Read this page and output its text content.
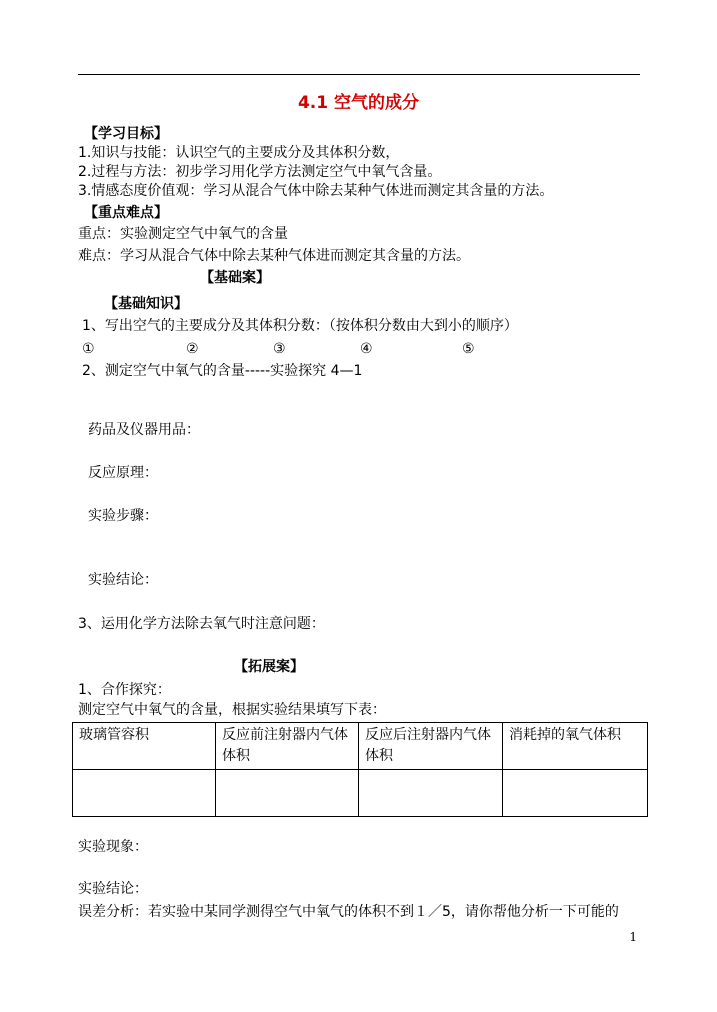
4.1 空气的成分
【学习目标】
1.知识与技能：认识空气的主要成分及其体积分数，
2.过程与方法：初步学习用化学方法测定空气中氧气含量。
3.情感态度价值观：学习从混合气体中除去某种气体进而测定其含量的方法。
【重点难点】
重点：实验测定空气中氧气的含量
难点：学习从混合气体中除去某种气体进而测定其含量的方法。
【基础案】
【基础知识】
1、写出空气的主要成分及其体积分数：（按体积分数由大到小的顺序）
①	②	③	④	⑤
2、测定空气中氧气的含量-----实验探究 4—1
药品及仪器用品：
反应原理：
实验步骤：
实验结论：
3、运用化学方法除去氧气时注意问题：
【拓展案】
1、合作探究：
测定空气中氧气的含量，根据实验结果填写下表：
玻璃管容积	反应前注射器内气体体积	反应后注射器内气体体积	消耗掉的氧气体积

实验现象：
实验结论：
误差分析：若实验中某同学测得空气中氧气的体积不到１／5，请你帮他分析一下可能的
1
